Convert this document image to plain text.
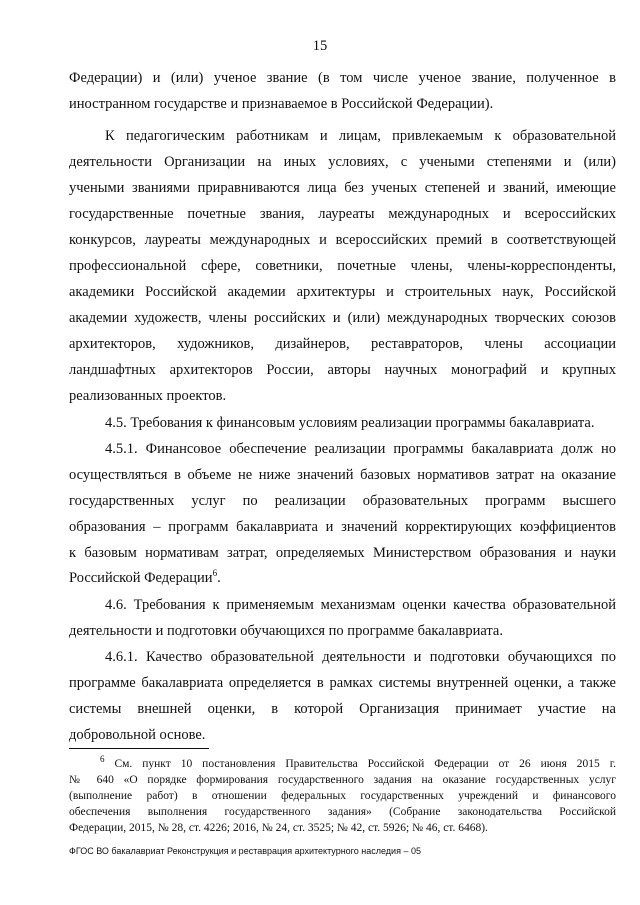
15
Федерации) и (или) ученое звание (в том числе ученое звание, полученное в
иностранном государстве и признаваемое в Российской Федерации).
К педагогическим работникам и лицам, привлекаемым к образовательной
деятельности Организации на иных условиях, с учеными степенями и (или)
учеными званиями приравниваются лица без ученых степеней и званий, имеющие
государственные почетные звания, лауреаты международных и всероссийских
конкурсов, лауреаты международных и всероссийских премий в соответствующей
профессиональной сфере, советники, почетные члены, члены-корреспонденты,
академики Российской академии архитектуры и строительных наук, Российской
академии художеств, члены российских и (или) международных творческих союзов
архитекторов, художников, дизайнеров, реставраторов, члены ассоциации
ландшафтных архитекторов России, авторы научных монографий и крупных
реализованных проектов.
4.5. Требования к финансовым условиям реализации программы бакалавриата.
4.5.1. Финансовое обеспечение реализации программы бакалавриата долж но
осуществляться в объеме не ниже значений базовых нормативов затрат на оказание
государственных услуг по реализации образовательных программ высшего
образования – программ бакалавриата и значений корректирующих коэффициентов
к базовым нормативам затрат, определяемых Министерством образования и науки
Российской Федерации$^6$.
4.6. Требования к применяемым механизмам оценки качества образовательной
деятельности и подготовки обучающихся по программе бакалавриата.
4.6.1. Качество образовательной деятельности и подготовки обучающихся по
программе бакалавриата определяется в рамках системы внутренней оценки, а также
системы внешней оценки, в которой Организация принимает участие на
добровольной основе.
$^6$ См. пункт 10 постановления Правительства Российской Федерации от 26 июня 2015 г.
№ 640 «О порядке формирования государственного задания на оказание государственных услуг
(выполнение работ) в отношении федеральных государственных учреждений и финансового
обеспечения выполнения государственного задания» (Собрание законодательства Российской
Федерации, 2015, № 28, ст. 4226; 2016, № 24, ст. 3525; № 42, ст. 5926; № 46, ст. 6468).
ФГОС ВО бакалавриат Реконструкция и реставрация архитектурного наследия – 05
